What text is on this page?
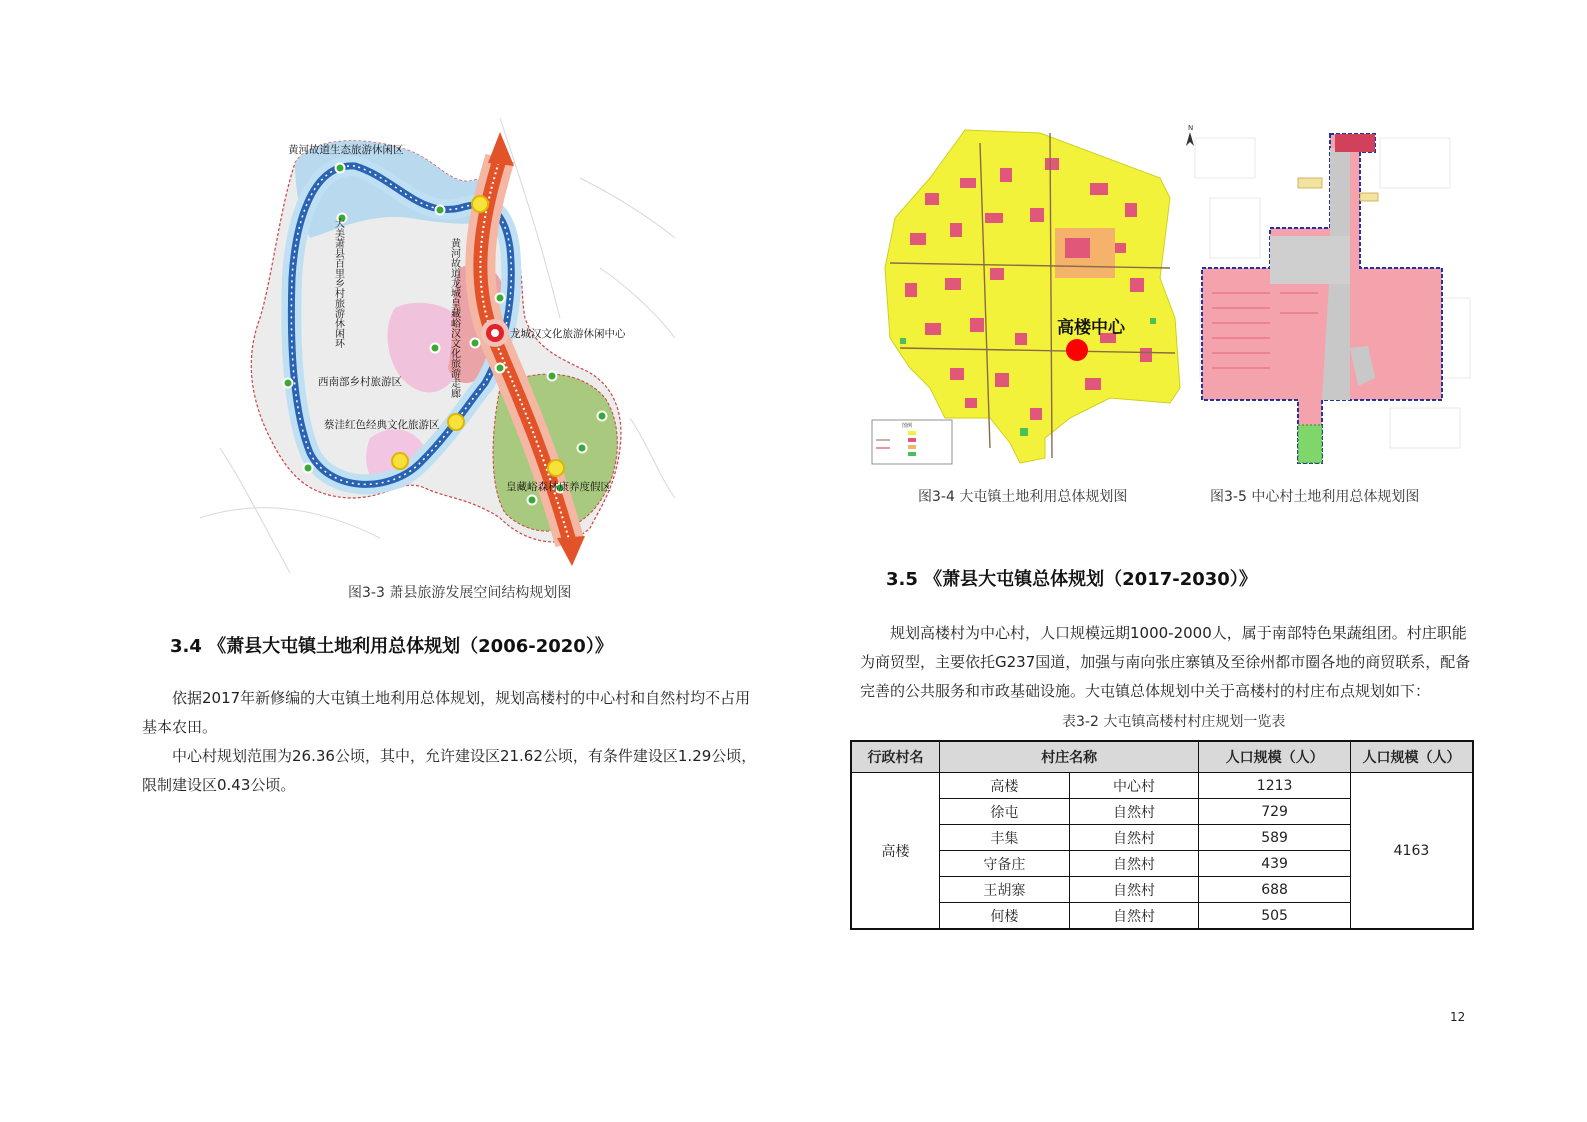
黄河故道生态旅游休闲区
龙城汉文化旅游休闲中心
西南部乡村旅游区
蔡洼红色经典文化旅游区
皇藏峪森林康养度假区
大美萧县百里乡村旅游休闲环	黄河故道龙城皇藏峪汉文化旅游走廊
图3-3 萧县旅游发展空间结构规划图
3.4 《萧县大屯镇土地利用总体规划（2006-2020）》

依据2017年新修编的大屯镇土地利用总体规划，规划高楼村的中心村和自然村均不占用基本农田。

中心村规划范围为26.36公顷，其中，允许建设区21.62公顷，有条件建设区1.29公顷，限制建设区0.43公顷。

高楼中心
图例
N
图3-4 大屯镇土地利用总体规划图	图3-5 中心村土地利用总体规划图
3.5 《萧县大屯镇总体规划（2017-2030）》

规划高楼村为中心村，人口规模远期1000-2000人，属于南部特色果蔬组团。村庄职能为商贸型，主要依托G237国道，加强与南向张庄寨镇及至徐州都市圈各地的商贸联系，配备完善的公共服务和市政基础设施。大屯镇总体规划中关于高楼村的村庄布点规划如下：

表3-2 大屯镇高楼村村庄规划一览表
行政村名	村庄名称		人口规模（人）	人口规模（人）
高楼	高楼	中心村	1213	4163
	徐屯	自然村	729	
	丰集	自然村	589	
	守备庄	自然村	439	
	王胡寨	自然村	688	
	何楼	自然村	505	
12
